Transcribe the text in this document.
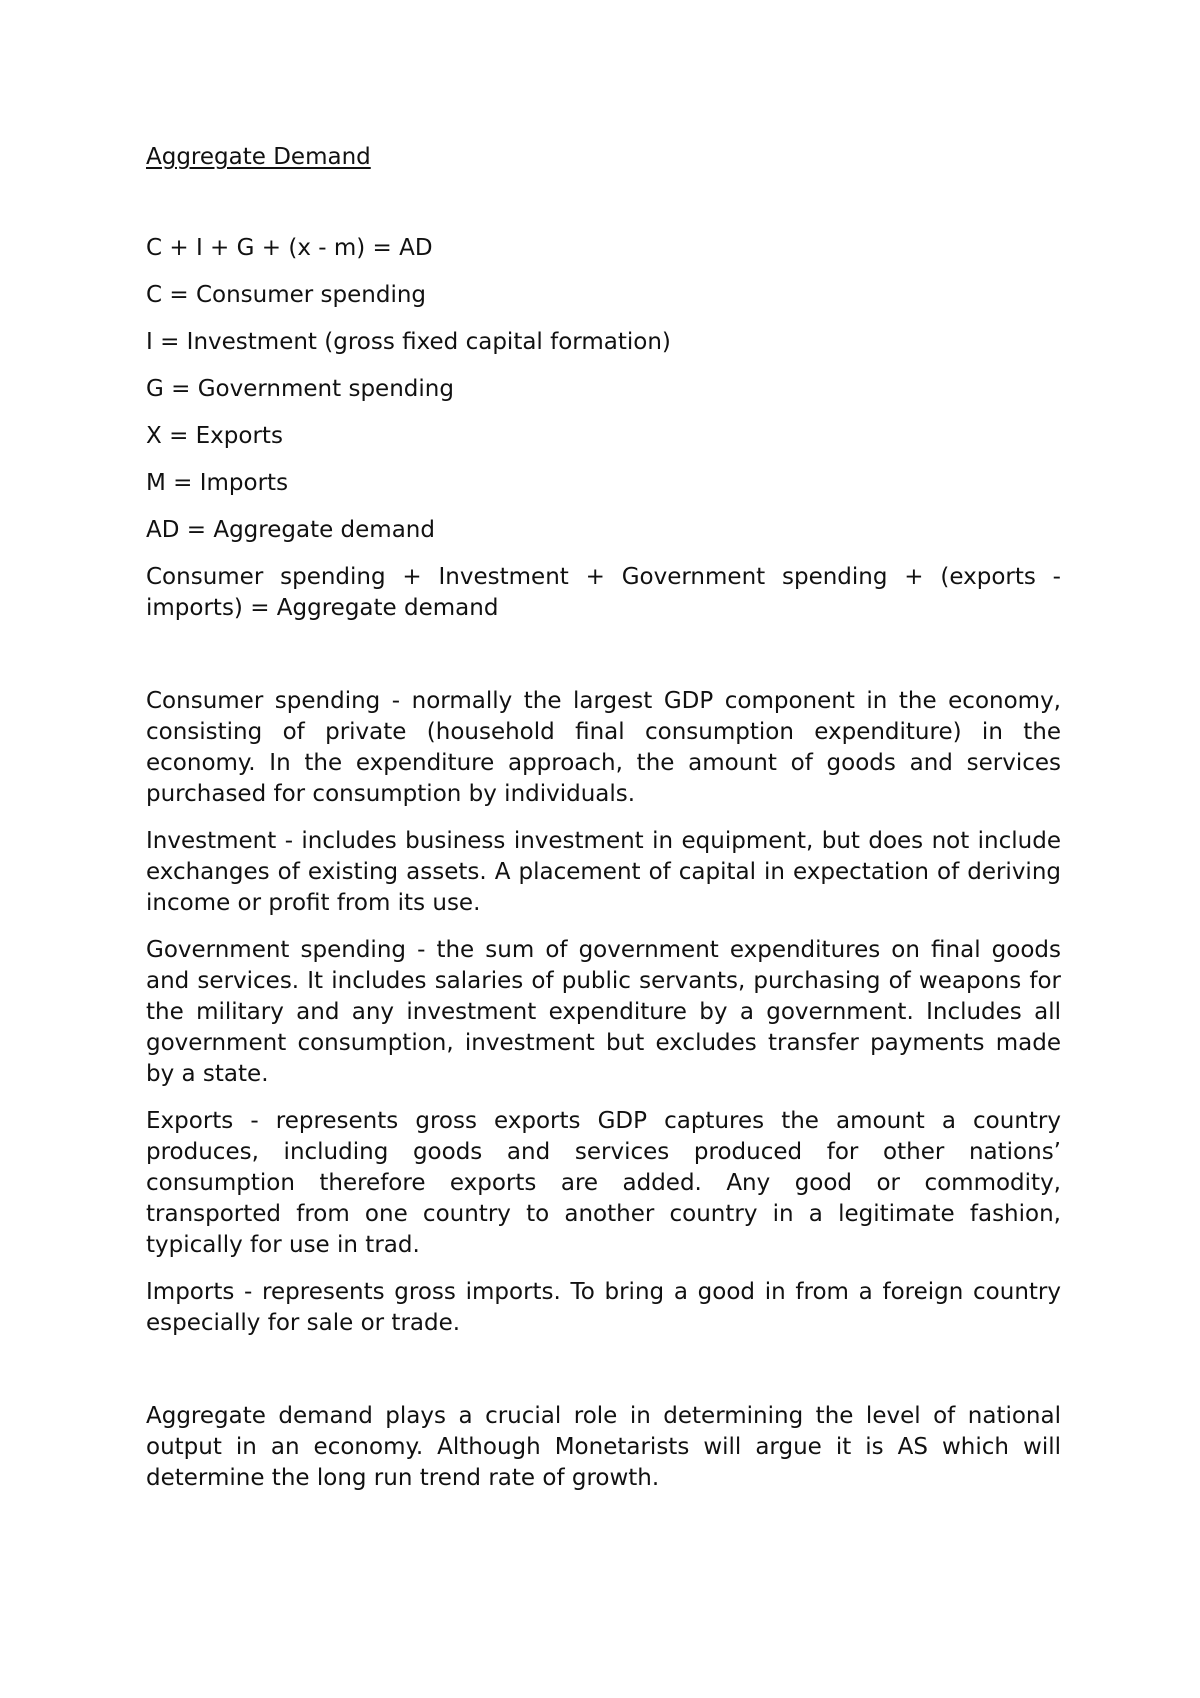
Aggregate Demand
C + I + G + (x - m) = AD
C = Consumer spending
I = Investment (gross fixed capital formation)
G = Government spending
X = Exports
M = Imports
AD = Aggregate demand
Consumer spending + Investment + Government spending + (exports - imports) = Aggregate demand
Consumer spending - normally the largest GDP component in the economy, consisting of private (household final consumption expenditure) in the economy. In the expenditure approach, the amount of goods and services purchased for consumption by individuals.
Investment - includes business investment in equipment, but does not include exchanges of existing assets. A placement of capital in expectation of deriving income or profit from its use.
Government spending - the sum of government expenditures on final goods and services. It includes salaries of public servants, purchasing of weapons for the military and any investment expenditure by a government. Includes all government consumption, investment but excludes transfer payments made by a state.
Exports - represents gross exports GDP captures the amount a country produces, including goods and services produced for other nations’ consumption therefore exports are added. Any good or commodity, transported from one country to another country in a legitimate fashion, typically for use in trad.
Imports - represents gross imports. To bring a good in from a foreign country especially for sale or trade.
Aggregate demand plays a crucial role in determining the level of national output in an economy. Although Monetarists will argue it is AS which will determine the long run trend rate of growth.
